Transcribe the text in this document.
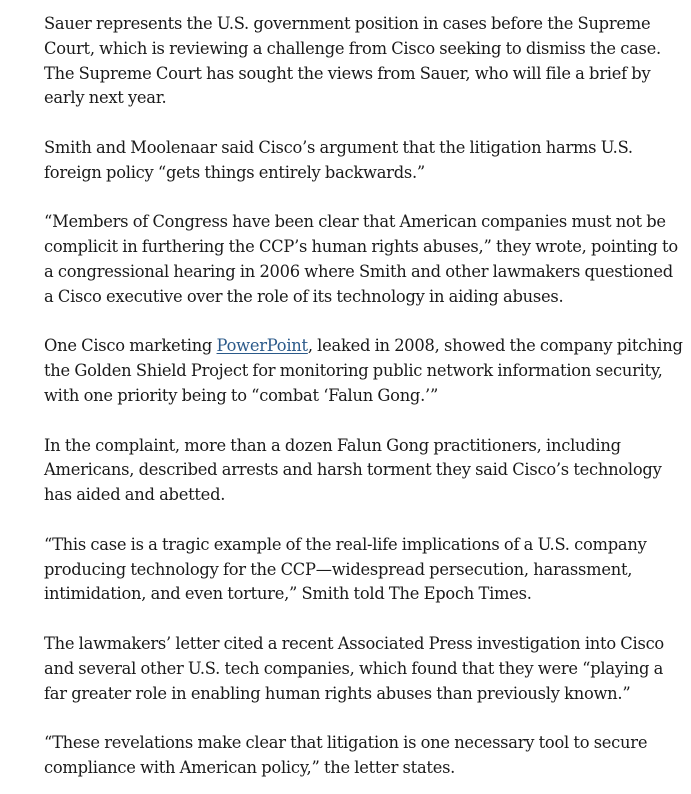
Sauer represents the U.S. government position in cases before the Supreme Court, which is reviewing a challenge from Cisco seeking to dismiss the case. The Supreme Court has sought the views from Sauer, who will file a brief by early next year.

Smith and Moolenaar said Cisco’s argument that the litigation harms U.S. foreign policy “gets things entirely backwards.”

“Members of Congress have been clear that American companies must not be complicit in furthering the CCP’s human rights abuses,” they wrote, pointing to a congressional hearing in 2006 where Smith and other lawmakers questioned a Cisco executive over the role of its technology in aiding abuses.

One Cisco marketing PowerPoint, leaked in 2008, showed the company pitching the Golden Shield Project for monitoring public network information security, with one priority being to “combat ‘Falun Gong.’”

In the complaint, more than a dozen Falun Gong practitioners, including Americans, described arrests and harsh torment they said Cisco’s technology has aided and abetted.

“This case is a tragic example of the real-life implications of a U.S. company producing technology for the CCP—widespread persecution, harassment, intimidation, and even torture,” Smith told The Epoch Times.

The lawmakers’ letter cited a recent Associated Press investigation into Cisco and several other U.S. tech companies, which found that they were “playing a far greater role in enabling human rights abuses than previously known.”

“These revelations make clear that litigation is one necessary tool to secure compliance with American policy,” the letter states.
